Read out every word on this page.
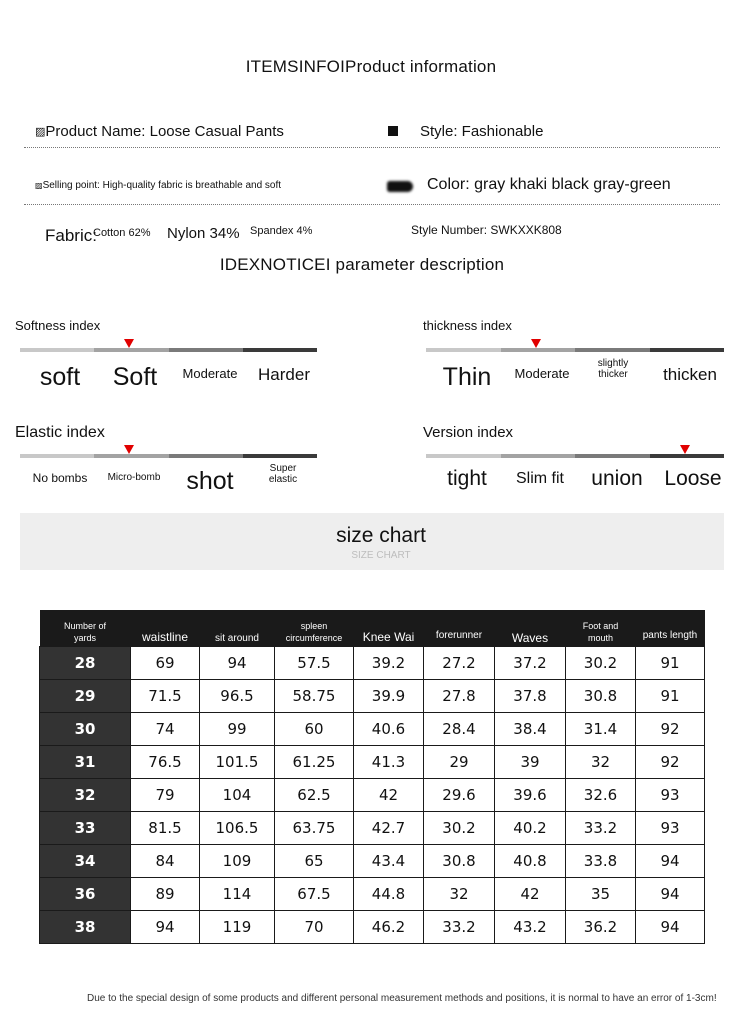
ITEMSINFOIProduct information
▨Product Name: Loose Casual Pants	Style: Fashionable
▨Selling point: High-quality fabric is breathable and soft	Color: gray khaki black gray-green
Fabric:
Cotton 62% Nylon 34% Spandex 4%	Style Number: SWKXXK808
IDEXNOTICEI parameter description
Softness index
soft Soft Moderate Harder
thickness index
Thin Moderate
slightly thicker	thicken
Elastic index
No bombs Micro-bomb shot	Super elastic
Version index
tight Slim fit union Loose
size chart
SIZE CHART
Number of yards	waistline	sit around	spleen circumference	Knee Wai	forerunner	Waves	Foot and mouth	pants length
28	69	94	57.5	39.2	27.2	37.2	30.2	91
29	71.5	96.5	58.75	39.9	27.8	37.8	30.8	91
30	74	99	60	40.6	28.4	38.4	31.4	92
31	76.5	101.5	61.25	41.3	29	39	32	92
32	79	104	62.5	42	29.6	39.6	32.6	93
33	81.5	106.5	63.75	42.7	30.2	40.2	33.2	93
34	84	109	65	43.4	30.8	40.8	33.8	94
36	89	114	67.5	44.8	32	42	35	94
38	94	119	70	46.2	33.2	43.2	36.2	94
Due to the special design of some products and different personal measurement methods and positions, it is normal to have an error of 1-3cm!
